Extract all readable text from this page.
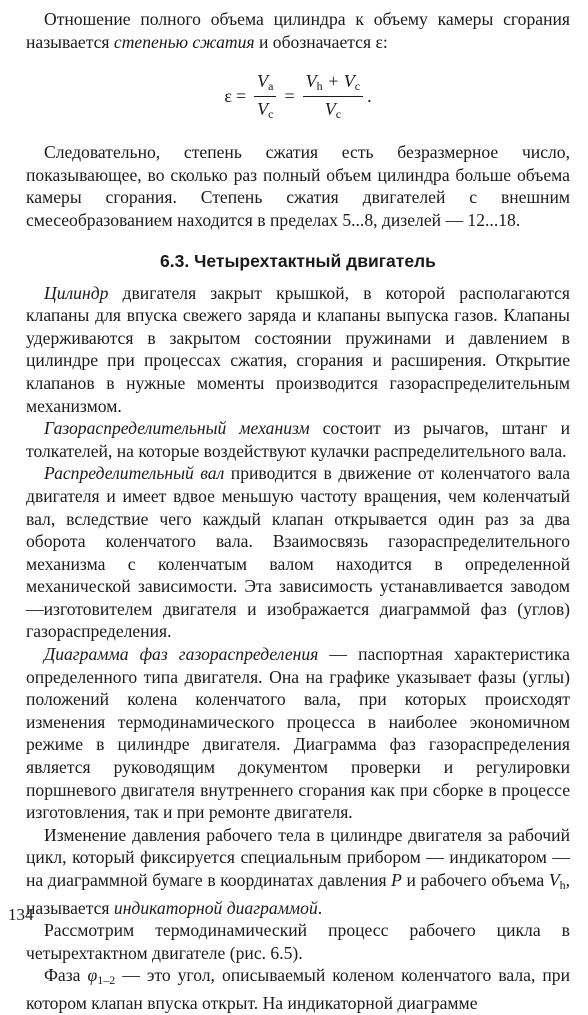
Отношение полного объема цилиндра к объему камеры сгорания называется степенью сжатия и обозначается ε:

$\varepsilon = \frac{V_a}{V_c} = \frac{V_h + V_c}{V_c}$ .

Следовательно, степень сжатия есть безразмерное число, показывающее, во сколько раз полный объем цилиндра больше объема камеры сгорания. Степень сжатия двигателей с внешним смесеобразованием находится в пределах 5...8, дизелей — 12...18.

6.3. Четырехтактный двигатель

Цилиндр двигателя закрыт крышкой, в которой располагаются клапаны для впуска свежего заряда и клапаны выпуска газов. Клапаны удерживаются в закрытом состоянии пружинами и давлением в цилиндре при процессах сжатия, сгорания и расширения. Открытие клапанов в нужные моменты производится газораспределительным механизмом.

Газораспределительный механизм состоит из рычагов, штанг и толкателей, на которые воздействуют кулачки распределительного вала.

Распределительный вал приводится в движение от коленчатого вала двигателя и имеет вдвое меньшую частоту вращения, чем коленчатый вал, вследствие чего каждый клапан открывается один раз за два оборота коленчатого вала. Взаимосвязь газораспределительного механизма с коленчатым валом находится в определенной механической зависимости. Эта зависимость устанавливается заводом—изготовителем двигателя и изображается диаграммой фаз (углов) газораспределения.

Диаграмма фаз газораспределения — паспортная характеристика определенного типа двигателя. Она на графике указывает фазы (углы) положений колена коленчатого вала, при которых происходят изменения термодинамического процесса в наиболее экономичном режиме в цилиндре двигателя. Диаграмма фаз газораспределения является руководящим документом проверки и регулировки поршневого двигателя внутреннего сгорания как при сборке в процессе изготовления, так и при ремонте двигателя.

Изменение давления рабочего тела в цилиндре двигателя за рабочий цикл, который фиксируется специальным прибором — индикатором — на диаграммной бумаге в координатах давления P и рабочего объема $V_h$, называется индикаторной диаграммой.

Рассмотрим термодинамический процесс рабочего цикла в четырехтактном двигателе (рис. 6.5).

Фаза $\varphi_{1-2}$ — это угол, описываемый коленом коленчатого вала, при котором клапан впуска открыт. На индикаторной диаграмме

134
